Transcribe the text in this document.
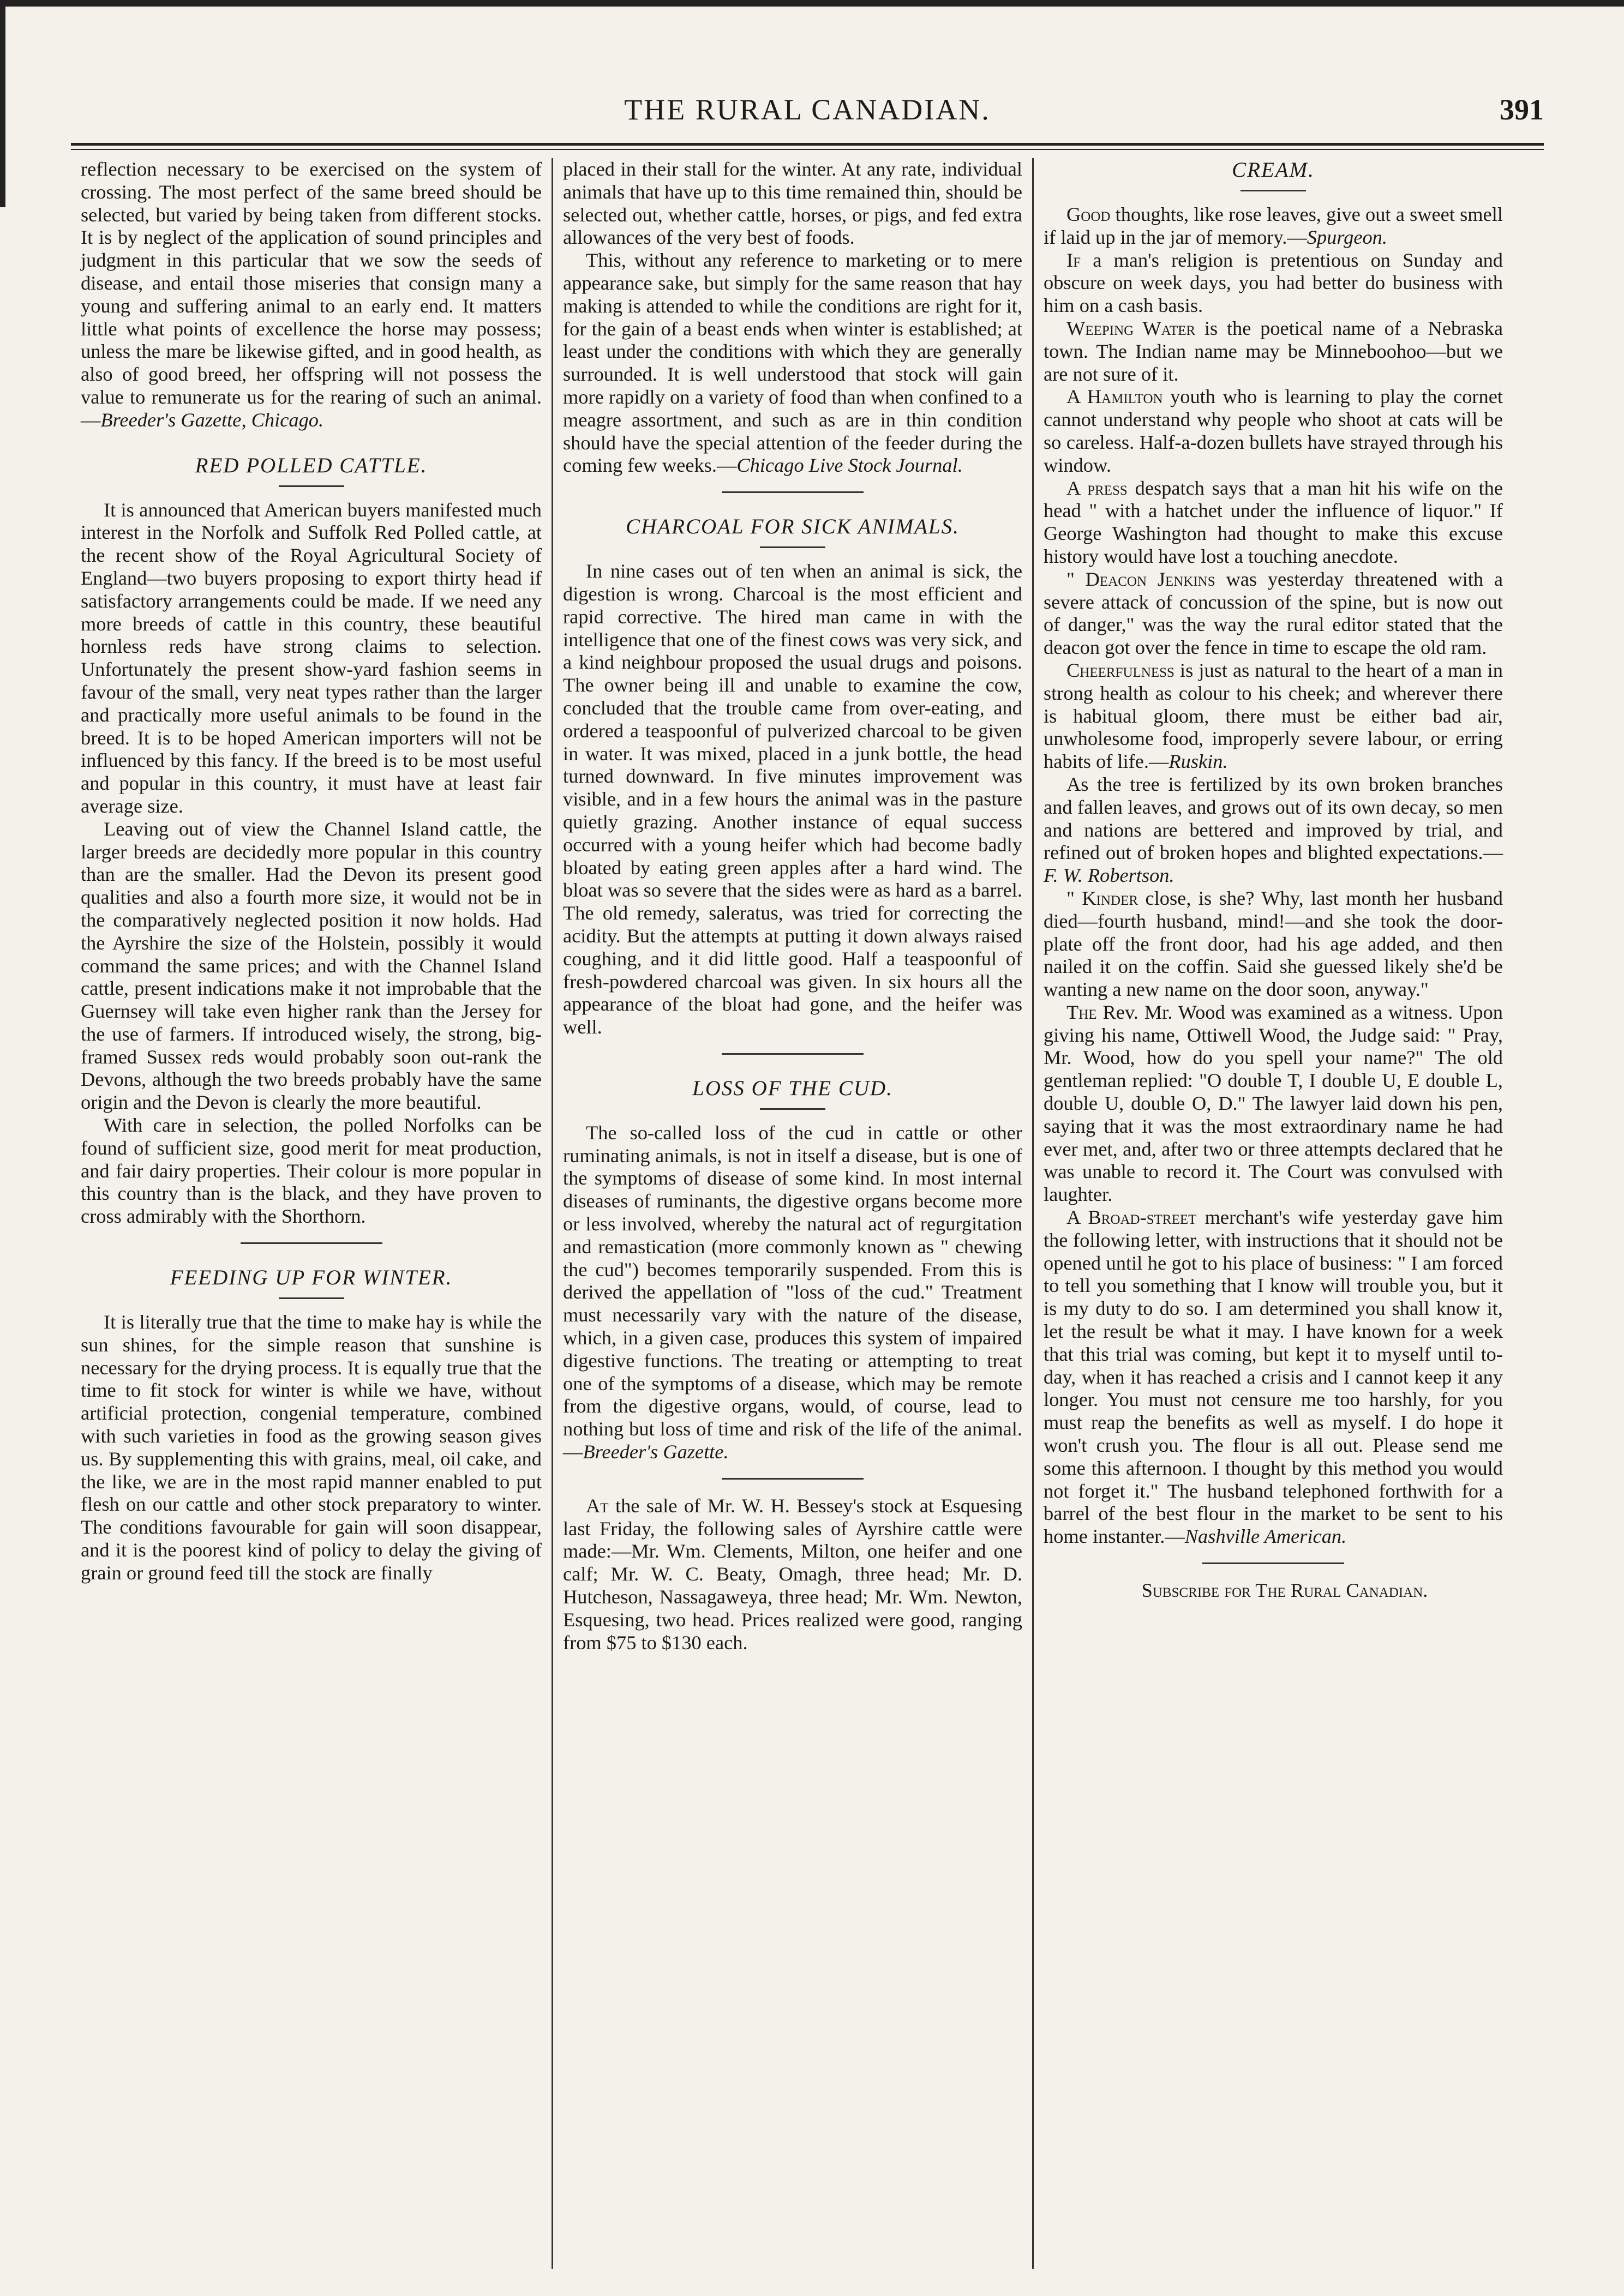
THE RURAL CANADIAN.	391

reflection necessary to be exercised on the system of crossing. The most perfect of the same breed should be selected, but varied by being taken from different stocks. It is by neglect of the application of sound principles and judgment in this particular that we sow the seeds of disease, and entail those miseries that consign many a young and suffering animal to an early end. It matters little what points of excellence the horse may possess; unless the mare be likewise gifted, and in good health, as also of good breed, her offspring will not possess the value to remunerate us for the rearing of such an animal.—Breeder's Gazette, Chicago.

RED POLLED CATTLE.

It is announced that American buyers manifested much interest in the Norfolk and Suffolk Red Polled cattle, at the recent show of the Royal Agricultural Society of England—two buyers proposing to export thirty head if satisfactory arrangements could be made. If we need any more breeds of cattle in this country, these beautiful hornless reds have strong claims to selection. Unfortunately the present show-yard fashion seems in favour of the small, very neat types rather than the larger and practically more useful animals to be found in the breed. It is to be hoped American importers will not be influenced by this fancy. If the breed is to be most useful and popular in this country, it must have at least fair average size.

Leaving out of view the Channel Island cattle, the larger breeds are decidedly more popular in this country than are the smaller. Had the Devon its present good qualities and also a fourth more size, it would not be in the comparatively neglected position it now holds. Had the Ayrshire the size of the Holstein, possibly it would command the same prices; and with the Channel Island cattle, present indications make it not improbable that the Guernsey will take even higher rank than the Jersey for the use of farmers. If introduced wisely, the strong, big-framed Sussex reds would probably soon out-rank the Devons, although the two breeds probably have the same origin and the Devon is clearly the more beautiful.

With care in selection, the polled Norfolks can be found of sufficient size, good merit for meat production, and fair dairy properties. Their colour is more popular in this country than is the black, and they have proven to cross admirably with the Shorthorn.

FEEDING UP FOR WINTER.

It is literally true that the time to make hay is while the sun shines, for the simple reason that sunshine is necessary for the drying process. It is equally true that the time to fit stock for winter is while we have, without artificial protection, congenial temperature, combined with such varieties in food as the growing season gives us. By supplementing this with grains, meal, oil cake, and the like, we are in the most rapid manner enabled to put flesh on our cattle and other stock preparatory to winter. The conditions favourable for gain will soon disappear, and it is the poorest kind of policy to delay the giving of grain or ground feed till the stock are finally

placed in their stall for the winter. At any rate, individual animals that have up to this time remained thin, should be selected out, whether cattle, horses, or pigs, and fed extra allowances of the very best of foods.

This, without any reference to marketing or to mere appearance sake, but simply for the same reason that hay making is attended to while the conditions are right for it, for the gain of a beast ends when winter is established; at least under the conditions with which they are generally surrounded. It is well understood that stock will gain more rapidly on a variety of food than when confined to a meagre assortment, and such as are in thin condition should have the special attention of the feeder during the coming few weeks.—Chicago Live Stock Journal.

CHARCOAL FOR SICK ANIMALS.

In nine cases out of ten when an animal is sick, the digestion is wrong. Charcoal is the most efficient and rapid corrective. The hired man came in with the intelligence that one of the finest cows was very sick, and a kind neighbour proposed the usual drugs and poisons. The owner being ill and unable to examine the cow, concluded that the trouble came from over-eating, and ordered a teaspoonful of pulverized charcoal to be given in water. It was mixed, placed in a junk bottle, the head turned downward. In five minutes improvement was visible, and in a few hours the animal was in the pasture quietly grazing. Another instance of equal success occurred with a young heifer which had become badly bloated by eating green apples after a hard wind. The bloat was so severe that the sides were as hard as a barrel. The old remedy, saleratus, was tried for correcting the acidity. But the attempts at putting it down always raised coughing, and it did little good. Half a teaspoonful of fresh-powdered charcoal was given. In six hours all the appearance of the bloat had gone, and the heifer was well.

LOSS OF THE CUD.

The so-called loss of the cud in cattle or other ruminating animals, is not in itself a disease, but is one of the symptoms of disease of some kind. In most internal diseases of ruminants, the digestive organs become more or less involved, whereby the natural act of regurgitation and remastication (more commonly known as " chewing the cud") becomes temporarily suspended. From this is derived the appellation of "loss of the cud." Treatment must necessarily vary with the nature of the disease, which, in a given case, produces this system of impaired digestive functions. The treating or attempting to treat one of the symptoms of a disease, which may be remote from the digestive organs, would, of course, lead to nothing but loss of time and risk of the life of the animal.—Breeder's Gazette.

At the sale of Mr. W. H. Bessey's stock at Esquesing last Friday, the following sales of Ayrshire cattle were made:—Mr. Wm. Clements, Milton, one heifer and one calf; Mr. W. C. Beaty, Omagh, three head; Mr. D. Hutcheson, Nassagaweya, three head; Mr. Wm. Newton, Esquesing, two head. Prices realized were good, ranging from $75 to $130 each.

CREAM.

Good thoughts, like rose leaves, give out a sweet smell if laid up in the jar of memory.—Spurgeon.

If a man's religion is pretentious on Sunday and obscure on week days, you had better do business with him on a cash basis.

Weeping Water is the poetical name of a Nebraska town. The Indian name may be Minneboohoo—but we are not sure of it.

A Hamilton youth who is learning to play the cornet cannot understand why people who shoot at cats will be so careless. Half-a-dozen bullets have strayed through his window.

A press despatch says that a man hit his wife on the head " with a hatchet under the influence of liquor." If George Washington had thought to make this excuse history would have lost a touching anecdote.

" Deacon Jenkins was yesterday threatened with a severe attack of concussion of the spine, but is now out of danger," was the way the rural editor stated that the deacon got over the fence in time to escape the old ram.

Cheerfulness is just as natural to the heart of a man in strong health as colour to his cheek; and wherever there is habitual gloom, there must be either bad air, unwholesome food, improperly severe labour, or erring habits of life.—Ruskin.

As the tree is fertilized by its own broken branches and fallen leaves, and grows out of its own decay, so men and nations are bettered and improved by trial, and refined out of broken hopes and blighted expectations.—F. W. Robertson.

" Kinder close, is she? Why, last month her husband died—fourth husband, mind!—and she took the door-plate off the front door, had his age added, and then nailed it on the coffin. Said she guessed likely she'd be wanting a new name on the door soon, anyway."

The Rev. Mr. Wood was examined as a witness. Upon giving his name, Ottiwell Wood, the Judge said: " Pray, Mr. Wood, how do you spell your name?" The old gentleman replied: "O double T, I double U, E double L, double U, double O, D." The lawyer laid down his pen, saying that it was the most extraordinary name he had ever met, and, after two or three attempts declared that he was unable to record it. The Court was convulsed with laughter.

A Broad-street merchant's wife yesterday gave him the following letter, with instructions that it should not be opened until he got to his place of business: " I am forced to tell you something that I know will trouble you, but it is my duty to do so. I am determined you shall know it, let the result be what it may. I have known for a week that this trial was coming, but kept it to myself until to-day, when it has reached a crisis and I cannot keep it any longer. You must not censure me too harshly, for you must reap the benefits as well as myself. I do hope it won't crush you. The flour is all out. Please send me some this afternoon. I thought by this method you would not forget it." The husband telephoned forthwith for a barrel of the best flour in the market to be sent to his home instanter.—Nashville American.

Subscribe for The Rural Canadian.
